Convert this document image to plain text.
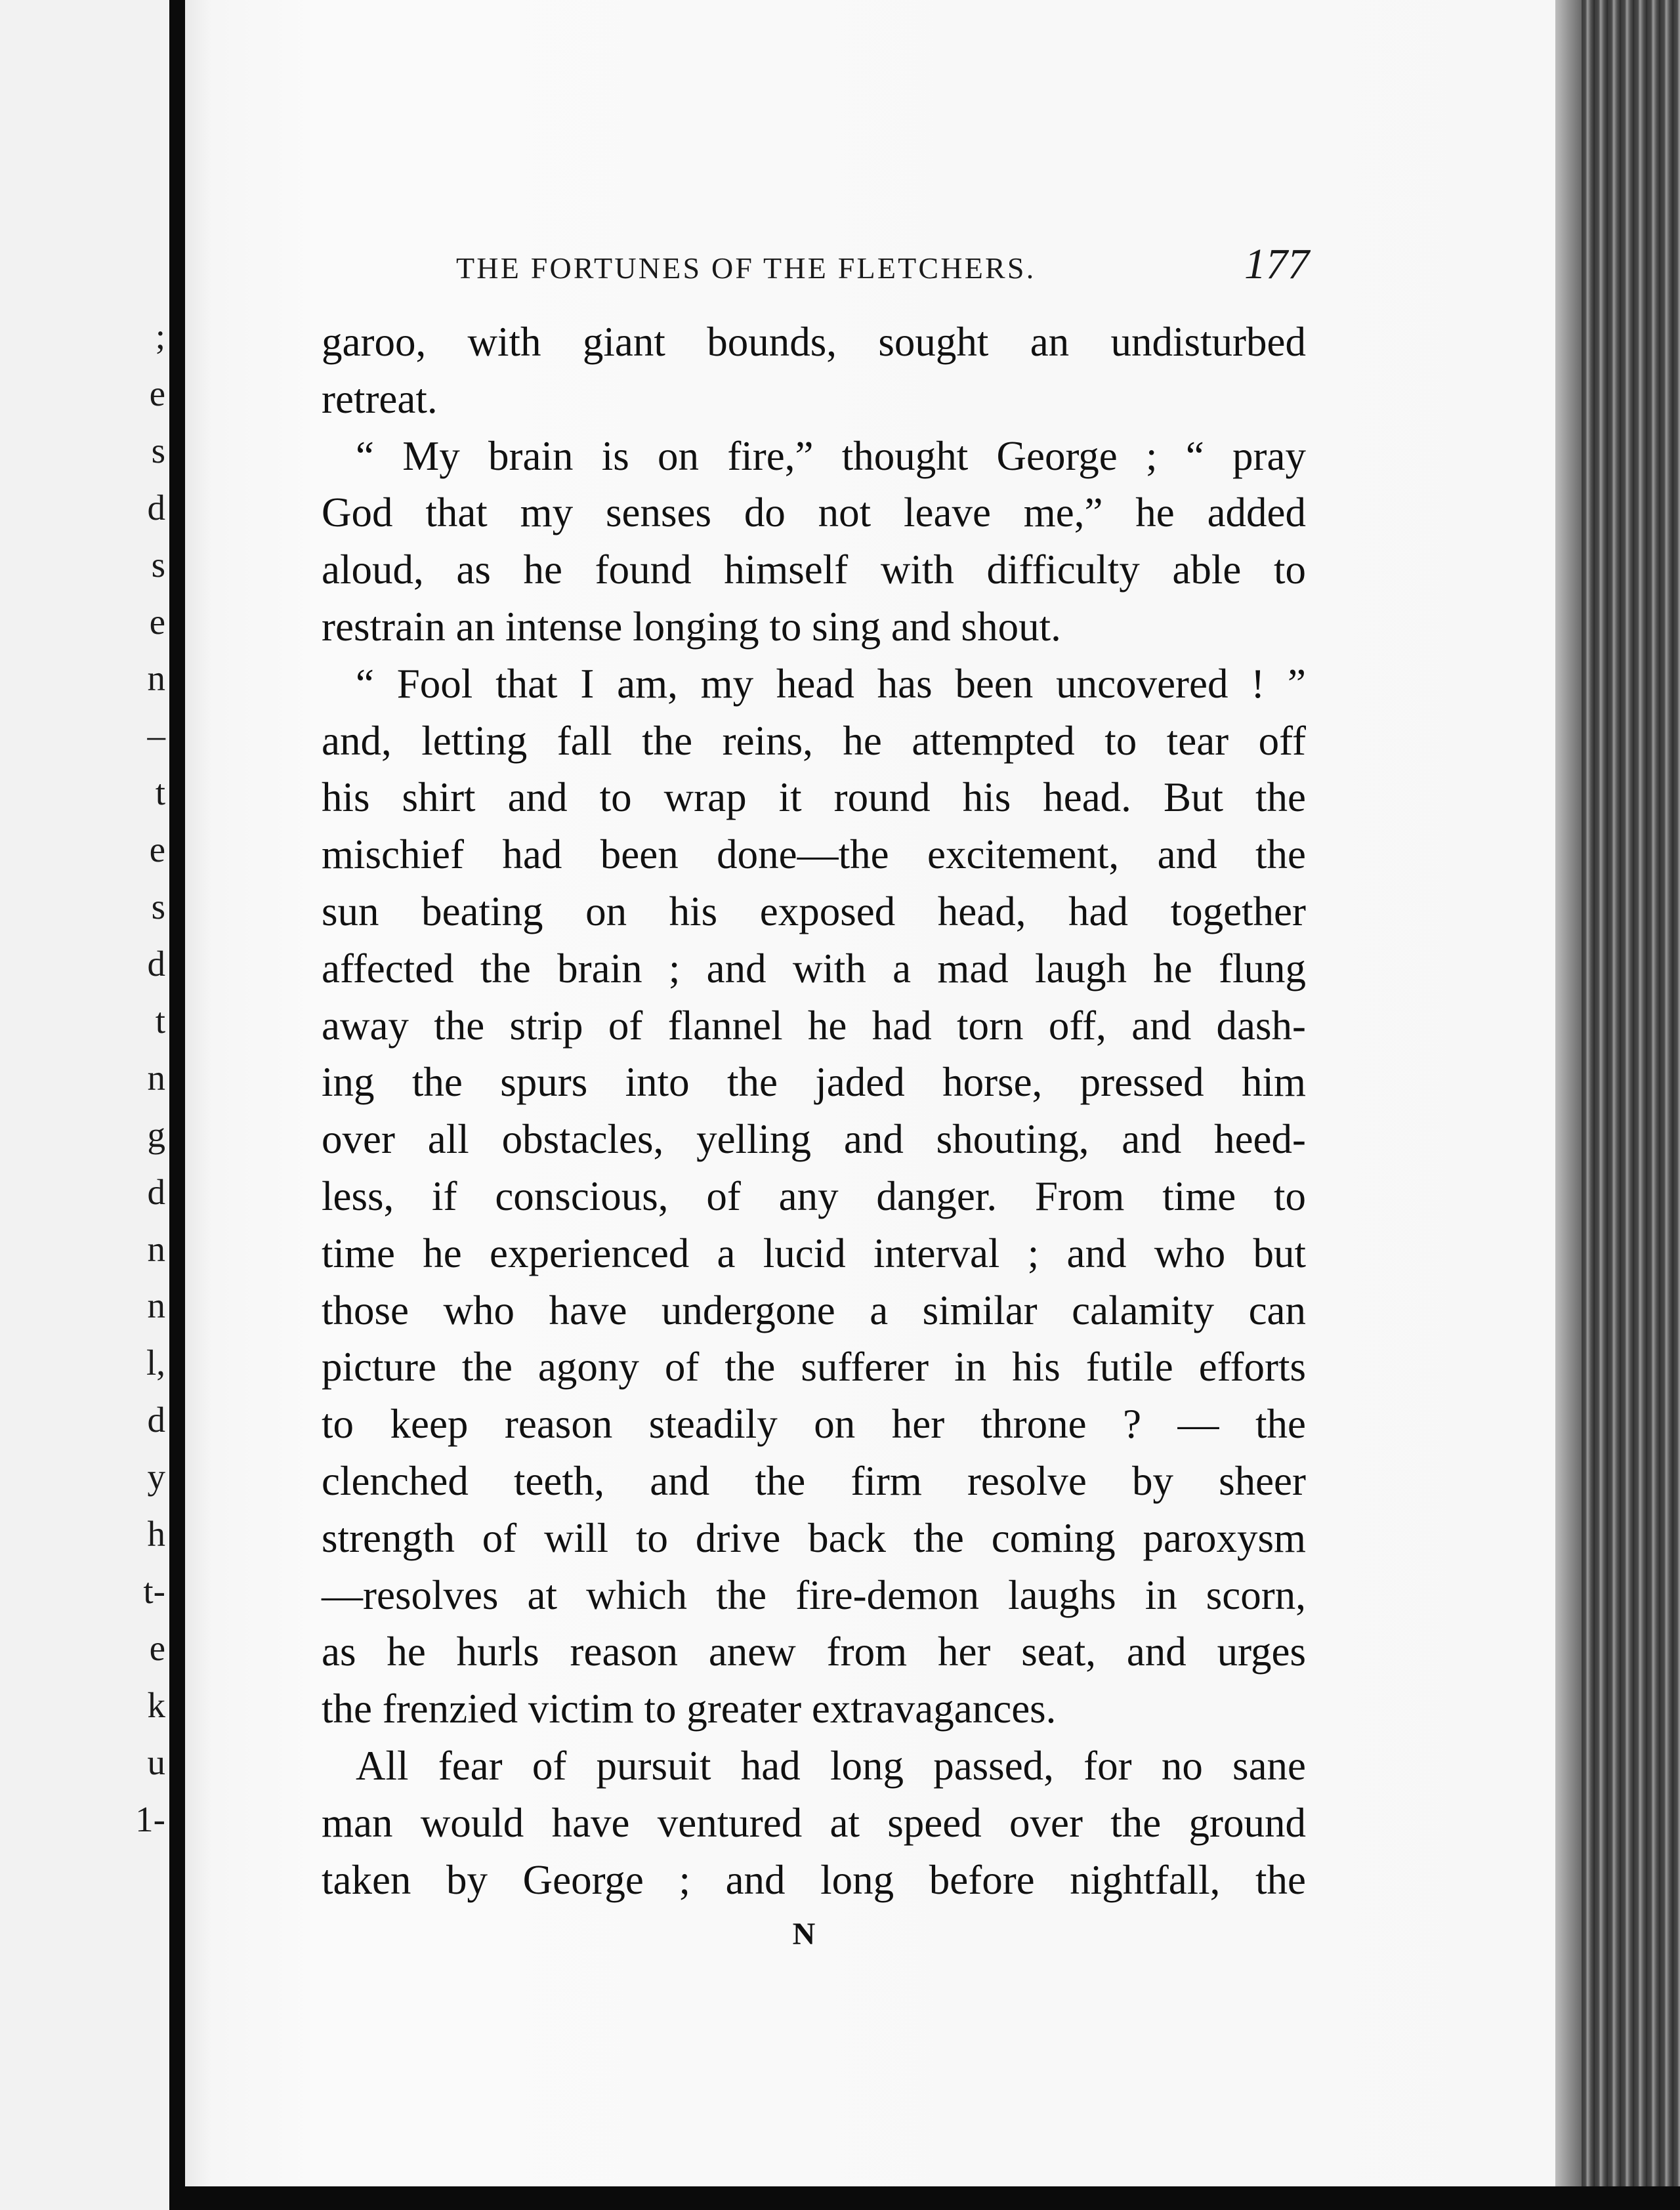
;
e
s
d
s
e
n
–
t
e
s
d
t
n
g
d
n
n
l,
d
y
h
t-
e
k
u
1-
THE FORTUNES OF THE FLETCHERS.	177
garoo, with giant bounds, sought an undisturbed
retreat.
“ My brain is on fire,” thought George ; “ pray
God that my senses do not leave me,” he added
aloud, as he found himself with difficulty able to
restrain an intense longing to sing and shout.
“ Fool that I am, my head has been uncovered ! ”
and, letting fall the reins, he attempted to tear off
his shirt and to wrap it round his head. But the
mischief had been done—the excitement, and the
sun beating on his exposed head, had together
affected the brain ; and with a mad laugh he flung
away the strip of flannel he had torn off, and dash-
ing the spurs into the jaded horse, pressed him
over all obstacles, yelling and shouting, and heed-
less, if conscious, of any danger. From time to
time he experienced a lucid interval ; and who but
those who have undergone a similar calamity can
picture the agony of the sufferer in his futile efforts
to keep reason steadily on her throne ? — the
clenched teeth, and the firm resolve by sheer
strength of will to drive back the coming paroxysm
—resolves at which the fire-demon laughs in scorn,
as he hurls reason anew from her seat, and urges
the frenzied victim to greater extravagances.
All fear of pursuit had long passed, for no sane
man would have ventured at speed over the ground
taken by George ; and long before nightfall, the
N
